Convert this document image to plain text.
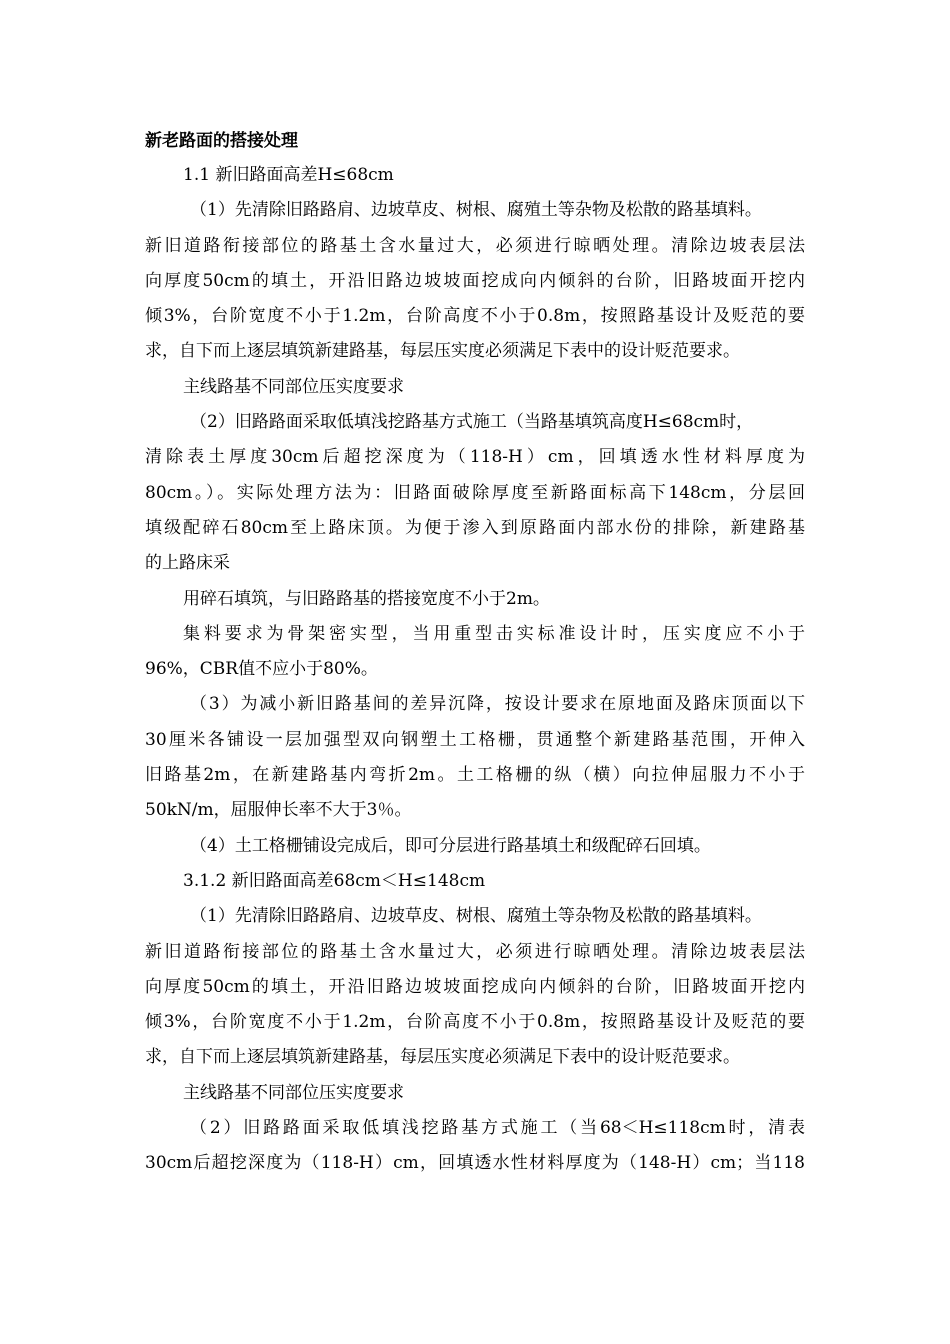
新老路面的搭接处理
1.1 新旧路面高差H≤68cm
（1）先清除旧路路肩、边坡草皮、树根、腐殖土等杂物及松散的路基填料。
新旧道路衔接部位的路基土含水量过大，必须进行晾晒处理。清除边坡表层法
向厚度50cm的填土，开沿旧路边坡坡面挖成向内倾斜的台阶，旧路坡面开挖内
倾3%，台阶宽度不小于1.2m，台阶高度不小于0.8m，按照路基设计及贬范的要
求，自下而上逐层填筑新建路基，每层压实度必须满足下表中的设计贬范要求。
主线路基不同部位压实度要求
（2）旧路路面采取低填浅挖路基方式施工（当路基填筑高度H≤68cm时，
清除表土厚度30cm后超挖深度为（118-H）cm，回填透水性材料厚度为
80cm。）。实际处理方法为：旧路面破除厚度至新路面标高下148cm，分层回
填级配碎石80cm至上路床顶。为便于渗入到原路面内部水份的排除，新建路基
的上路床采
用碎石填筑，与旧路路基的搭接宽度不小于2m。
集料要求为骨架密实型，当用重型击实标准设计时，压实度应不小于
96%，CBR值不应小于80%。
（3）为减小新旧路基间的差异沉降，按设计要求在原地面及路床顶面以下
30厘米各铺设一层加强型双向钢塑土工格栅，贯通整个新建路基范围，开伸入
旧路基2m，在新建路基内弯折2m。土工格栅的纵（横）向拉伸屈服力不小于
50kN/m，屈服伸长率不大于3％。
（4）土工格栅铺设完成后，即可分层进行路基填土和级配碎石回填。
3.1.2 新旧路面高差68cm＜H≤148cm
（1）先清除旧路路肩、边坡草皮、树根、腐殖土等杂物及松散的路基填料。
新旧道路衔接部位的路基土含水量过大，必须进行晾晒处理。清除边坡表层法
向厚度50cm的填土，开沿旧路边坡坡面挖成向内倾斜的台阶，旧路坡面开挖内
倾3%，台阶宽度不小于1.2m，台阶高度不小于0.8m，按照路基设计及贬范的要
求，自下而上逐层填筑新建路基，每层压实度必须满足下表中的设计贬范要求。
主线路基不同部位压实度要求
（2）旧路路面采取低填浅挖路基方式施工（当68＜H≤118cm时，清表
30cm后超挖深度为（118-H）cm，回填透水性材料厚度为（148-H）cm；当118
